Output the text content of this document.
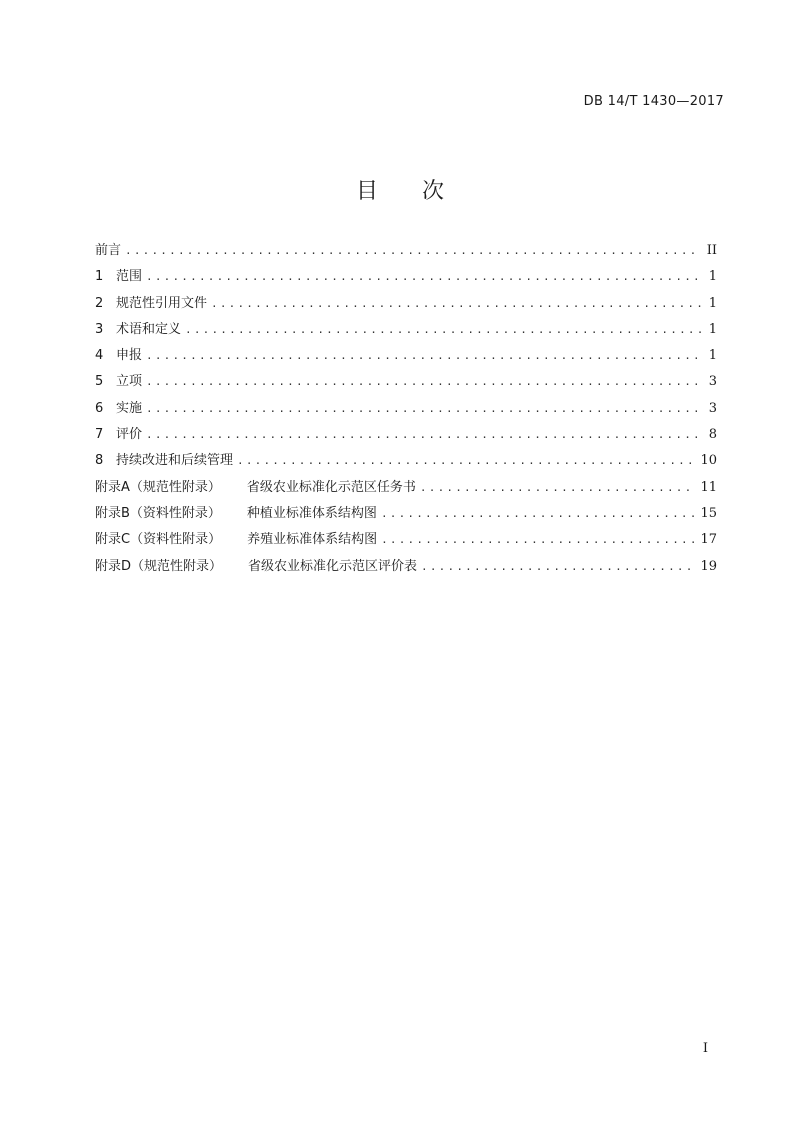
DB 14/T 1430—2017
目 次
前言 .....	II
1 范围 .....	1
2 规范性引用文件 .....	1
3 术语和定义 .....	1
4 申报 .....	1
5 立项 .....	3
6 实施 .....	3
7 评价 .....	8
8 持续改进和后续管理 .....	10
附录A（规范性附录） 省级农业标准化示范区任务书 .....	11
附录B（资料性附录） 种植业标准体系结构图 .....	15
附录C（资料性附录） 养殖业标准体系结构图 .....	17
附录D（规范性附录） 省级农业标准化示范区评价表 .....	19
I
